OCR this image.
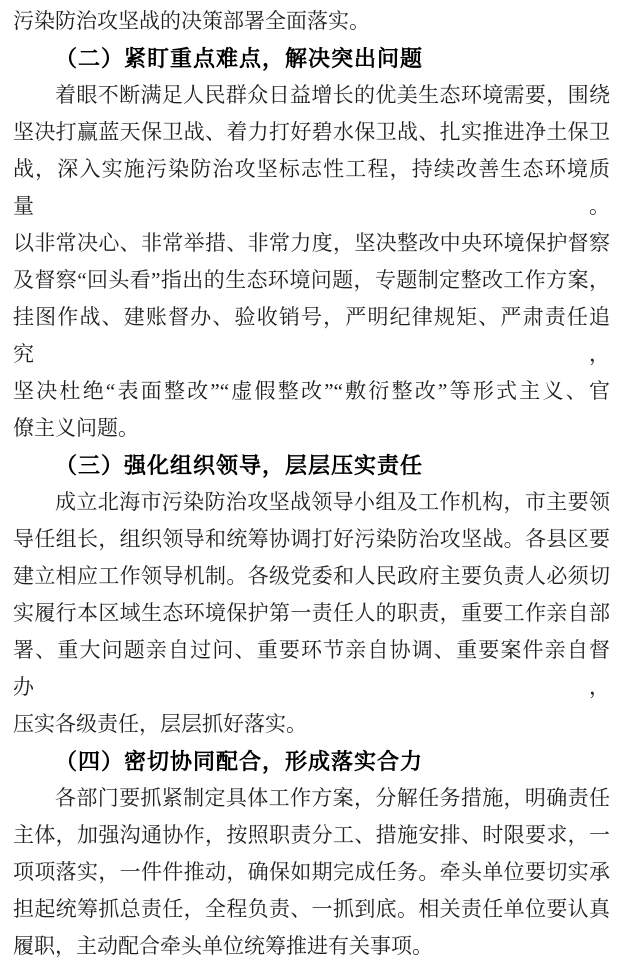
污染防治攻坚战的决策部署全面落实。
（二）紧盯重点难点，解决突出问题
着眼不断满足人民群众日益增长的优美生态环境需要，围绕
坚决打赢蓝天保卫战、着力打好碧水保卫战、扎实推进净土保卫
战，深入实施污染防治攻坚标志性工程，持续改善生态环境质量。
以非常决心、非常举措、非常力度，坚决整改中央环境保护督察
及督察“回头看”指出的生态环境问题，专题制定整改工作方案，
挂图作战、建账督办、验收销号，严明纪律规矩、严肃责任追究，
坚决杜绝“表面整改”“虚假整改”“敷衍整改”等形式主义、官
僚主义问题。
（三）强化组织领导，层层压实责任
成立北海市污染防治攻坚战领导小组及工作机构，市主要领
导任组长，组织领导和统筹协调打好污染防治攻坚战。各县区要
建立相应工作领导机制。各级党委和人民政府主要负责人必须切
实履行本区域生态环境保护第一责任人的职责，重要工作亲自部
署、重大问题亲自过问、重要环节亲自协调、重要案件亲自督办，
压实各级责任，层层抓好落实。
（四）密切协同配合，形成落实合力
各部门要抓紧制定具体工作方案，分解任务措施，明确责任
主体，加强沟通协作，按照职责分工、措施安排、时限要求，一
项项落实，一件件推动，确保如期完成任务。牵头单位要切实承
担起统筹抓总责任，全程负责、一抓到底。相关责任单位要认真
履职，主动配合牵头单位统筹推进有关事项。
